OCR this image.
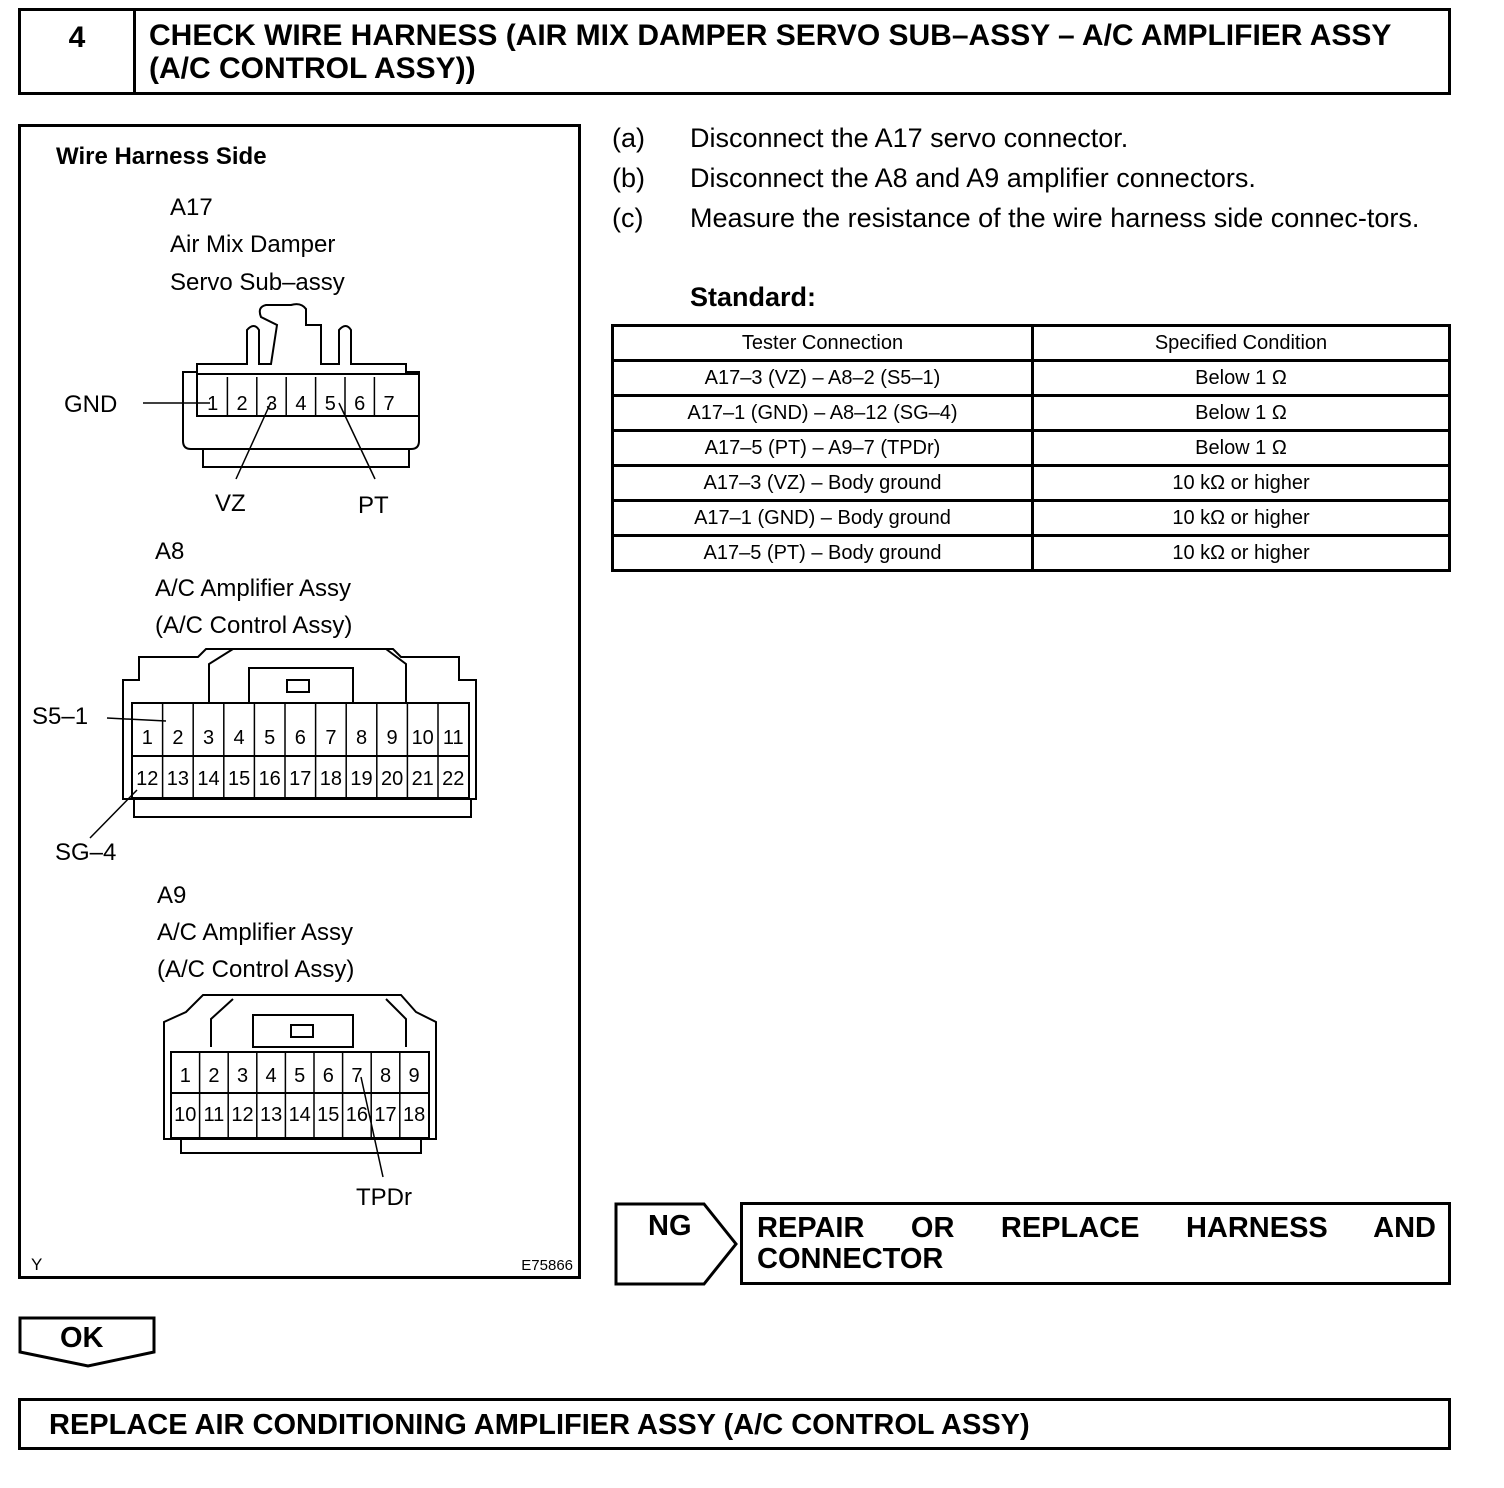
4	CHECK WIRE HARNESS (AIR MIX DAMPER SERVO SUB–ASSY – A/C AMPLIFIER ASSY (A/C CONTROL ASSY))
Wire Harness Side
A17
Air Mix Damper
Servo Sub–assy
GND
VZ	PT
1 2 3 4 5 6 7
A8
A/C Amplifier Assy
(A/C Control Assy)
S5–1
SG–4
1 2 3 4 5 6 7 8 9 10 11
12 13 14 15 16 17 18 19 20 21 22
A9
A/C Amplifier Assy
(A/C Control Assy)
TPDr
1 2 3 4 5 6 7 8 9
10 11 12 13 14 15 16 17 18
Y	E75866
(a)	Disconnect the A17 servo connector.
(b)	Disconnect the A8 and A9 amplifier connectors.
(c)	Measure the resistance of the wire harness side connec-tors.
Standard:
Tester Connection	Specified Condition
A17–3 (VZ) – A8–2 (S5–1)	Below 1 Ω
A17–1 (GND) – A8–12 (SG–4)	Below 1 Ω
A17–5 (PT) – A9–7 (TPDr)	Below 1 Ω
A17–3 (VZ) – Body ground	10 kΩ or higher
A17–1 (GND) – Body ground	10 kΩ or higher
A17–5 (PT) – Body ground	10 kΩ or higher
NG REPAIR OR REPLACE HARNESS AND CONNECTOR
OK
REPLACE AIR CONDITIONING AMPLIFIER ASSY (A/C CONTROL ASSY)
